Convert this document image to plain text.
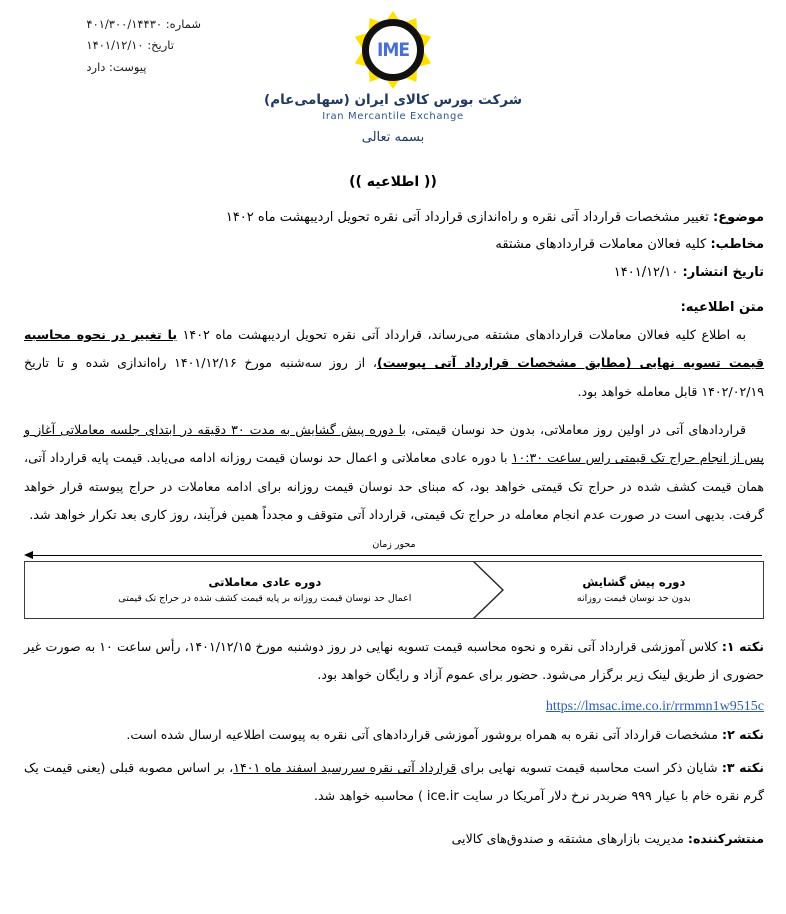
شماره: ۴۰۱/۳۰۰/۱۴۴۳۰
تاریخ: ۱۴۰۱/۱۲/۱۰
پیوست: دارد
IME
شرکت بورس کالای ایران (سهامی‌عام)
Iran Mercantile Exchange
بسمه تعالی
(( اطلاعیه ))
موضوع: تغییر مشخصات قرارداد آتی نقره و راه‌اندازی قرارداد آتی نقره تحویل اردیبهشت ماه ۱۴۰۲
مخاطب: کلیه فعالان معاملات قراردادهای مشتقه
تاریخ انتشار: ۱۴۰۱/۱۲/۱۰
متن اطلاعیه:

به اطلاع کلیه فعالان معاملات قراردادهای مشتقه می‌رساند، قرارداد آتی نقره تحویل اردیبهشت ماه ۱۴۰۲ با تغییر در نحوه محاسبه قیمت تسویه نهایی (مطابق مشخصات قرارداد آتی پیوست)، از روز سه‌شنبه مورخ ۱۴۰۱/۱۲/۱۶ راه‌اندازی شده و تا تاریخ ۱۴۰۲/۰۲/۱۹ قابل معامله خواهد بود.

قراردادهای آتی در اولین روز معاملاتی، بدون حد نوسان قیمتی، با دوره پیش گشایش به مدت ۳۰ دقیقه در ابتدای جلسه معاملاتی آغاز و پس از انجام حراج تک قیمتی راس ساعت ۱۰:۳۰ با دوره عادی معاملاتی و اعمال حد نوسان قیمت روزانه ادامه می‌یابد. قیمت پایه قرارداد آتی، همان قیمت کشف شده در حراج تک قیمتی خواهد بود، که مبنای حد نوسان قیمت روزانه برای ادامه معاملات در حراج پیوسته قرار خواهد گرفت. بدیهی است در صورت عدم انجام معامله در حراج تک قیمتی، قرارداد آتی متوقف و مجدداً همین فرآیند، روز کاری بعد تکرار خواهد شد.

محور زمان
دوره پیش گشایش
بدون حد نوسان قیمت روزانه
دوره عادی معاملاتی
اعمال حد نوسان قیمت روزانه بر پایه قیمت کشف شده در حراج تک قیمتی

نکته ۱: کلاس آموزشی قرارداد آتی نقره و نحوه محاسبه قیمت تسویه نهایی در روز دوشنبه مورخ ۱۴۰۱/۱۲/۱۵، رأس ساعت ۱۰ به صورت غیر حضوری از طریق لینک زیر برگزار می‌شود. حضور برای عموم آزاد و رایگان خواهد بود.

https://lmsac.ime.co.ir/rrmmn1w9515c

نکته ۲: مشخصات قرارداد آتی نقره به همراه بروشور آموزشی قراردادهای آتی نقره به پیوست اطلاعیه ارسال شده است.

نکته ۳: شایان ذکر است محاسبه قیمت تسویه نهایی برای قرارداد آتی نقره سررسید اسفند ماه ۱۴۰۱، بر اساس مصوبه قبلی (یعنی قیمت یک گرم نقره خام با عیار ۹۹۹ ضربدر نرخ دلار آمریکا در سایت ice.ir ) محاسبه خواهد شد.

منتشر‌کننده: مدیریت بازارهای مشتقه و صندوق‌های کالایی
